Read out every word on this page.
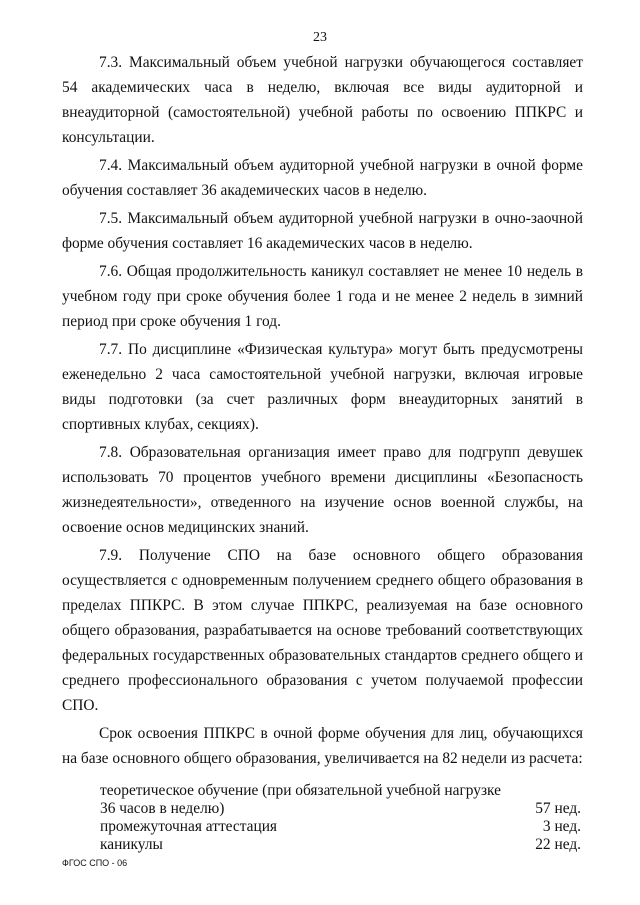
23

7.3. Максимальный объем учебной нагрузки обучающегося составляет 54 академических часа в неделю, включая все виды аудиторной и внеаудиторной (самостоятельной) учебной работы по освоению ППКРС и консультации.

7.4. Максимальный объем аудиторной учебной нагрузки в очной форме обучения составляет 36 академических часов в неделю.

7.5. Максимальный объем аудиторной учебной нагрузки в очно-заочной форме обучения составляет 16 академических часов в неделю.

7.6. Общая продолжительность каникул составляет не менее 10 недель в учебном году при сроке обучения более 1 года и не менее 2 недель в зимний период при сроке обучения 1 год.

7.7. По дисциплине «Физическая культура» могут быть предусмотрены еженедельно 2 часа самостоятельной учебной нагрузки, включая игровые виды подготовки (за счет различных форм внеаудиторных занятий в спортивных клубах, секциях).

7.8. Образовательная организация имеет право для подгрупп девушек использовать 70 процентов учебного времени дисциплины «Безопасность жизнедеятельности», отведенного на изучение основ военной службы, на освоение основ медицинских знаний.

7.9. Получение СПО на базе основного общего образования осуществляется с одновременным получением среднего общего образования в пределах ППКРС. В этом случае ППКРС, реализуемая на базе основного общего образования, разрабатывается на основе требований соответствующих федеральных государственных образовательных стандартов среднего общего и среднего профессионального образования с учетом получаемой профессии СПО.

Срок освоения ППКРС в очной форме обучения для лиц, обучающихся на базе основного общего образования, увеличивается на 82 недели из расчета:

теоретическое обучение (при обязательной учебной нагрузке 36 часов в неделю)	57 нед.
промежуточная аттестация	3 нед.
каникулы	22 нед.
ФГОС СПО - 06
